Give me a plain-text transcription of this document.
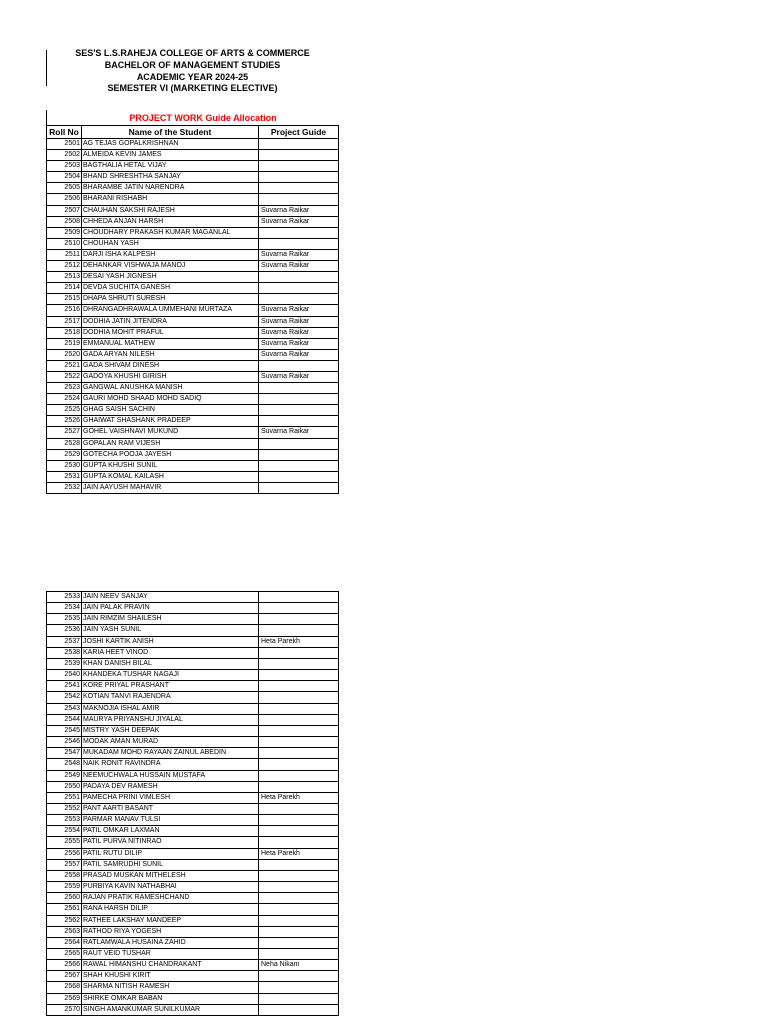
SES'S L.S.RAHEJA COLLEGE OF ARTS & COMMERCE
BACHELOR OF MANAGEMENT STUDIES
ACADEMIC YEAR 2024-25
SEMESTER VI (MARKETING ELECTIVE)
PROJECT WORK Guide Allocation
Roll No	Name of the Student	Project Guide
2501	AG TEJAS GOPALKRISHNAN	
2502	ALMEIDA KEVIN JAMES	
2503	BAGTHALIA HETAL VIJAY	
2504	BHAND SHRESHTHA SANJAY	
2505	BHARAMBE JATIN NARENDRA	
2506	BHARANI RISHABH	
2507	CHAUHAN SAKSHI RAJESH	Suvarna Raikar
2508	CHHEDA ANJAN HARSH	Suvarna Raikar
2509	CHOUDHARY PRAKASH KUMAR MAGANLAL	
2510	CHOUHAN YASH	
2511	DARJI ISHA KALPESH	Suvarna Raikar
2512	DEHANKAR VISHWAJA MANOJ	Suvarna Raikar
2513	DESAI YASH JIGNESH	
2514	DEVDA SUCHITA GANESH	
2515	DHAPA SHRUTI SURESH	
2516	DHRANGADHRAWALA UMMEHANI MURTAZA	Suvarna Raikar
2517	DODHIA JATIN JITENDRA	Suvarna Raikar
2518	DODHIA MOHIT PRAFUL	Suvarna Raikar
2519	EMMANUAL MATHEW	Suvarna Raikar
2520	GADA ARYAN NILESH	Suvarna Raikar
2521	GADA SHIVAM DINESH	
2522	GADOYA KHUSHI GIRISH	Suvarna Raikar
2523	GANGWAL ANUSHKA MANISH	
2524	GAURI MOHD SHAAD MOHD SADIQ	
2525	GHAG SAISH SACHIN	
2526	GHAIWAT SHASHANK PRADEEP	
2527	GOHEL VAISHNAVI MUKUND	Suvarna Raikar
2528	GOPALAN RAM VIJESH	
2529	GOTECHA POOJA JAYESH	
2530	GUPTA KHUSHI SUNIL	
2531	GUPTA KOMAL KAILASH	
2532	JAIN AAYUSH MAHAVIR	
2533	JAIN NEEV SANJAY	
2534	JAIN PALAK PRAVIN	
2535	JAIN RIMZIM SHAILESH	
2536	JAIN YASH SUNIL	
2537	JOSHI KARTIK ANISH	Heta Parekh
2538	KARIA HEET VINOD	
2539	KHAN DANISH BILAL	
2540	KHANDEKA TUSHAR NAGAJI	
2541	KORE PRIYAL PRASHANT	
2542	KOTIAN TANVI RAJENDRA	
2543	MAKNOJIA ISHAL AMIR	
2544	MAURYA PRIYANSHU JIYALAL	
2545	MISTRY YASH DEEPAK	
2546	MODAK AMAN MURAD	
2547	MUKADAM MOHD RAYAAN ZAINUL ABEDIN	
2548	NAIK RONIT RAVINDRA	
2549	NEEMUCHWALA HUSSAIN MUSTAFA	
2550	PADAYA DEV RAMESH	
2551	PAMECHA PRINI VIMLESH	Heta Parekh
2552	PANT AARTI BASANT	
2553	PARMAR MANAV TULSI	
2554	PATIL OMKAR LAXMAN	
2555	PATIL PURVA NITINRAO	
2556	PATIL RUTU DILIP	Heta Parekh
2557	PATIL SAMRUDHI SUNIL	
2558	PRASAD MUSKAN MITHELESH	
2559	PURBIYA KAVIN NATHABHAI	
2560	RAJAN PRATIK RAMESHCHAND	
2561	RANA HARSH DILIP	
2562	RATHEE LAKSHAY MANDEEP	
2563	RATHOD RIYA YOGESH	
2564	RATLAMWALA HUSAINA ZAHID	
2565	RAUT VEID TUSHAR	
2566	RAWAL HIMANSHU CHANDRAKANT	Neha Nikam
2567	SHAH KHUSHI KIRIT	
2568	SHARMA NITISH RAMESH	
2569	SHIRKE OMKAR BABAN	
2570	SINGH AMANKUMAR SUNILKUMAR	
